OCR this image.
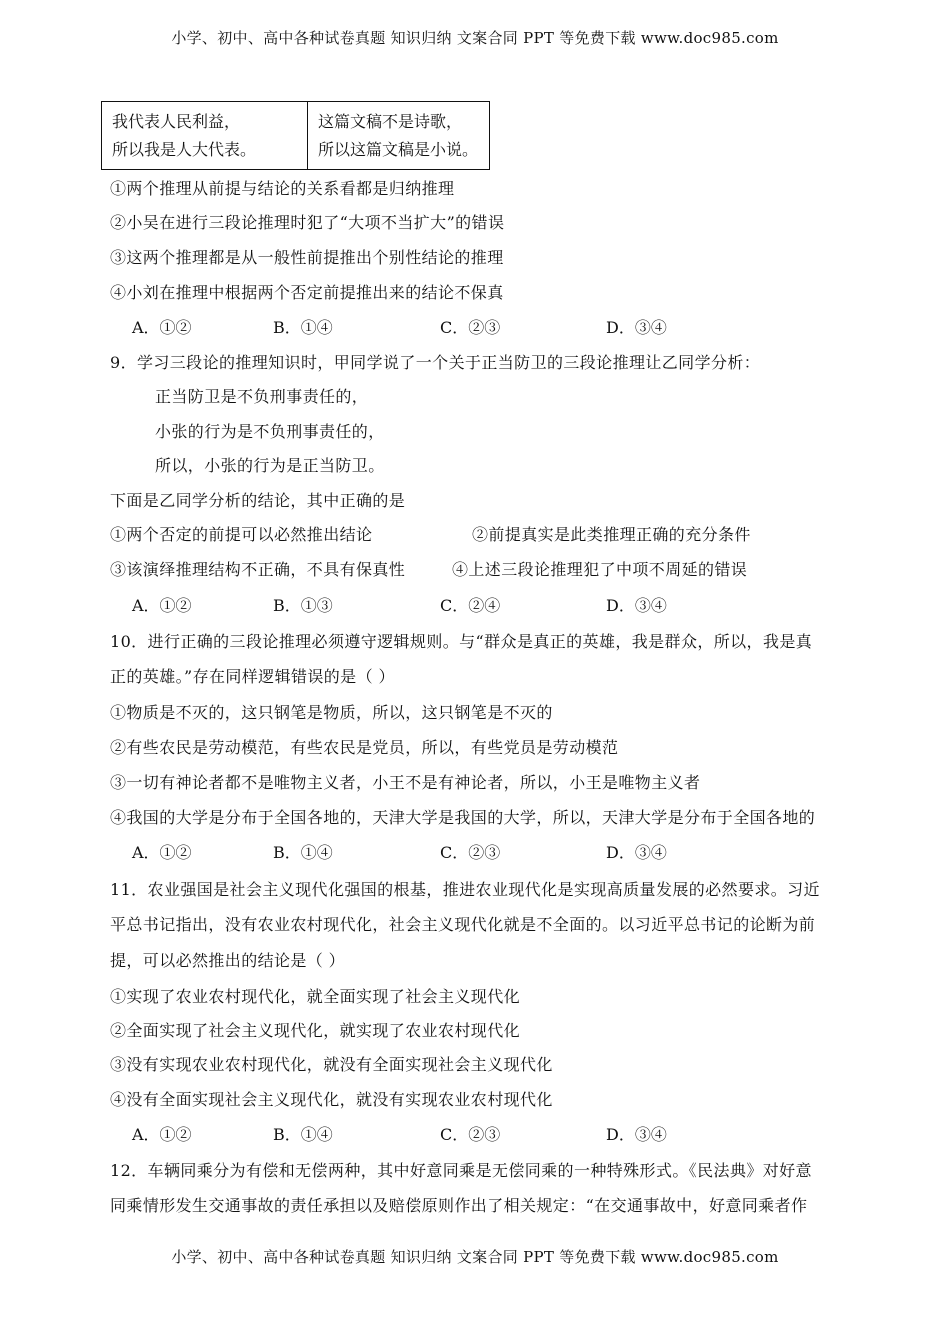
小学、初中、高中各种试卷真题 知识归纳 文案合同 PPT 等免费下载 www.doc985.com
我代表人民利益，
所以我是人大代表。

这篇文稿不是诗歌，
所以这篇文稿是小说。
①两个推理从前提与结论的关系看都是归纳推理
②小吴在进行三段论推理时犯了“大项不当扩大”的错误
③这两个推理都是从一般性前提推出个别性结论的推理
④小刘在推理中根据两个否定前提推出来的结论不保真
A．①②	B．①④	C．②③	D．③④
9．学习三段论的推理知识时，甲同学说了一个关于正当防卫的三段论推理让乙同学分析：
正当防卫是不负刑事责任的，
小张的行为是不负刑事责任的，
所以，小张的行为是正当防卫。
下面是乙同学分析的结论，其中正确的是
①两个否定的前提可以必然推出结论	②前提真实是此类推理正确的充分条件
③该演绎推理结构不正确，不具有保真性	④上述三段论推理犯了中项不周延的错误
A．①②	B．①③	C．②④	D．③④
10．进行正确的三段论推理必须遵守逻辑规则。与“群众是真正的英雄，我是群众，所以，我是真
正的英雄。”存在同样逻辑错误的是（ ）
①物质是不灭的，这只钢笔是物质，所以，这只钢笔是不灭的
②有些农民是劳动模范，有些农民是党员，所以，有些党员是劳动模范
③一切有神论者都不是唯物主义者，小王不是有神论者，所以，小王是唯物主义者
④我国的大学是分布于全国各地的，天津大学是我国的大学，所以，天津大学是分布于全国各地的
A．①②	B．①④	C．②③	D．③④
11．农业强国是社会主义现代化强国的根基，推进农业现代化是实现高质量发展的必然要求。习近
平总书记指出，没有农业农村现代化，社会主义现代化就是不全面的。以习近平总书记的论断为前
提，可以必然推出的结论是（ ）
①实现了农业农村现代化，就全面实现了社会主义现代化
②全面实现了社会主义现代化，就实现了农业农村现代化
③没有实现农业农村现代化，就没有全面实现社会主义现代化
④没有全面实现社会主义现代化，就没有实现农业农村现代化
A．①②	B．①④	C．②③	D．③④
12．车辆同乘分为有偿和无偿两种，其中好意同乘是无偿同乘的一种特殊形式。《民法典》对好意
同乘情形发生交通事故的责任承担以及赔偿原则作出了相关规定：“在交通事故中，好意同乘者作
小学、初中、高中各种试卷真题 知识归纳 文案合同 PPT 等免费下载 www.doc985.com
